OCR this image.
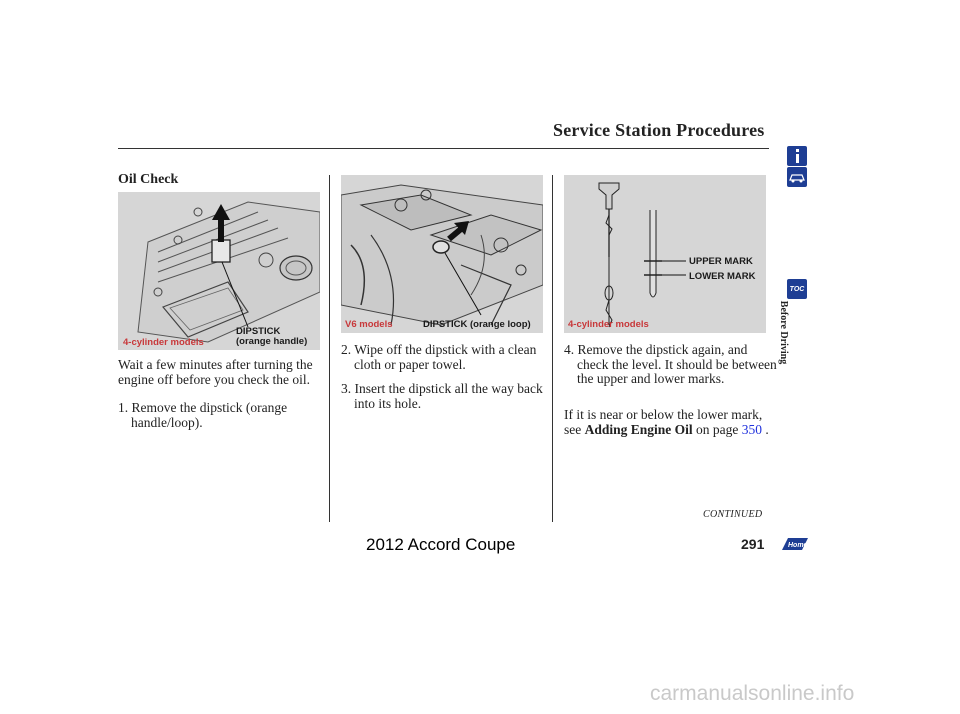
Service Station Procedures
Oil Check
DIPSTICK
(orange handle)
4-cylinder models
V6 models	DIPSTICK (orange loop)
UPPER MARK
LOWER MARK
4-cylinder models
Wait a few minutes after turning the engine off before you check the oil.
1. Remove the dipstick (orange handle/loop).
2. Wipe off the dipstick with a clean cloth or paper towel.
3. Insert the dipstick all the way back into its hole.
4. Remove the dipstick again, and check the level. It should be between the upper and lower marks.
If it is near or below the lower mark, see Adding Engine Oil on page 350 .
CONTINUED
291
2012 Accord Coupe
TOC
Before Driving
Home
carmanualsonline.info
